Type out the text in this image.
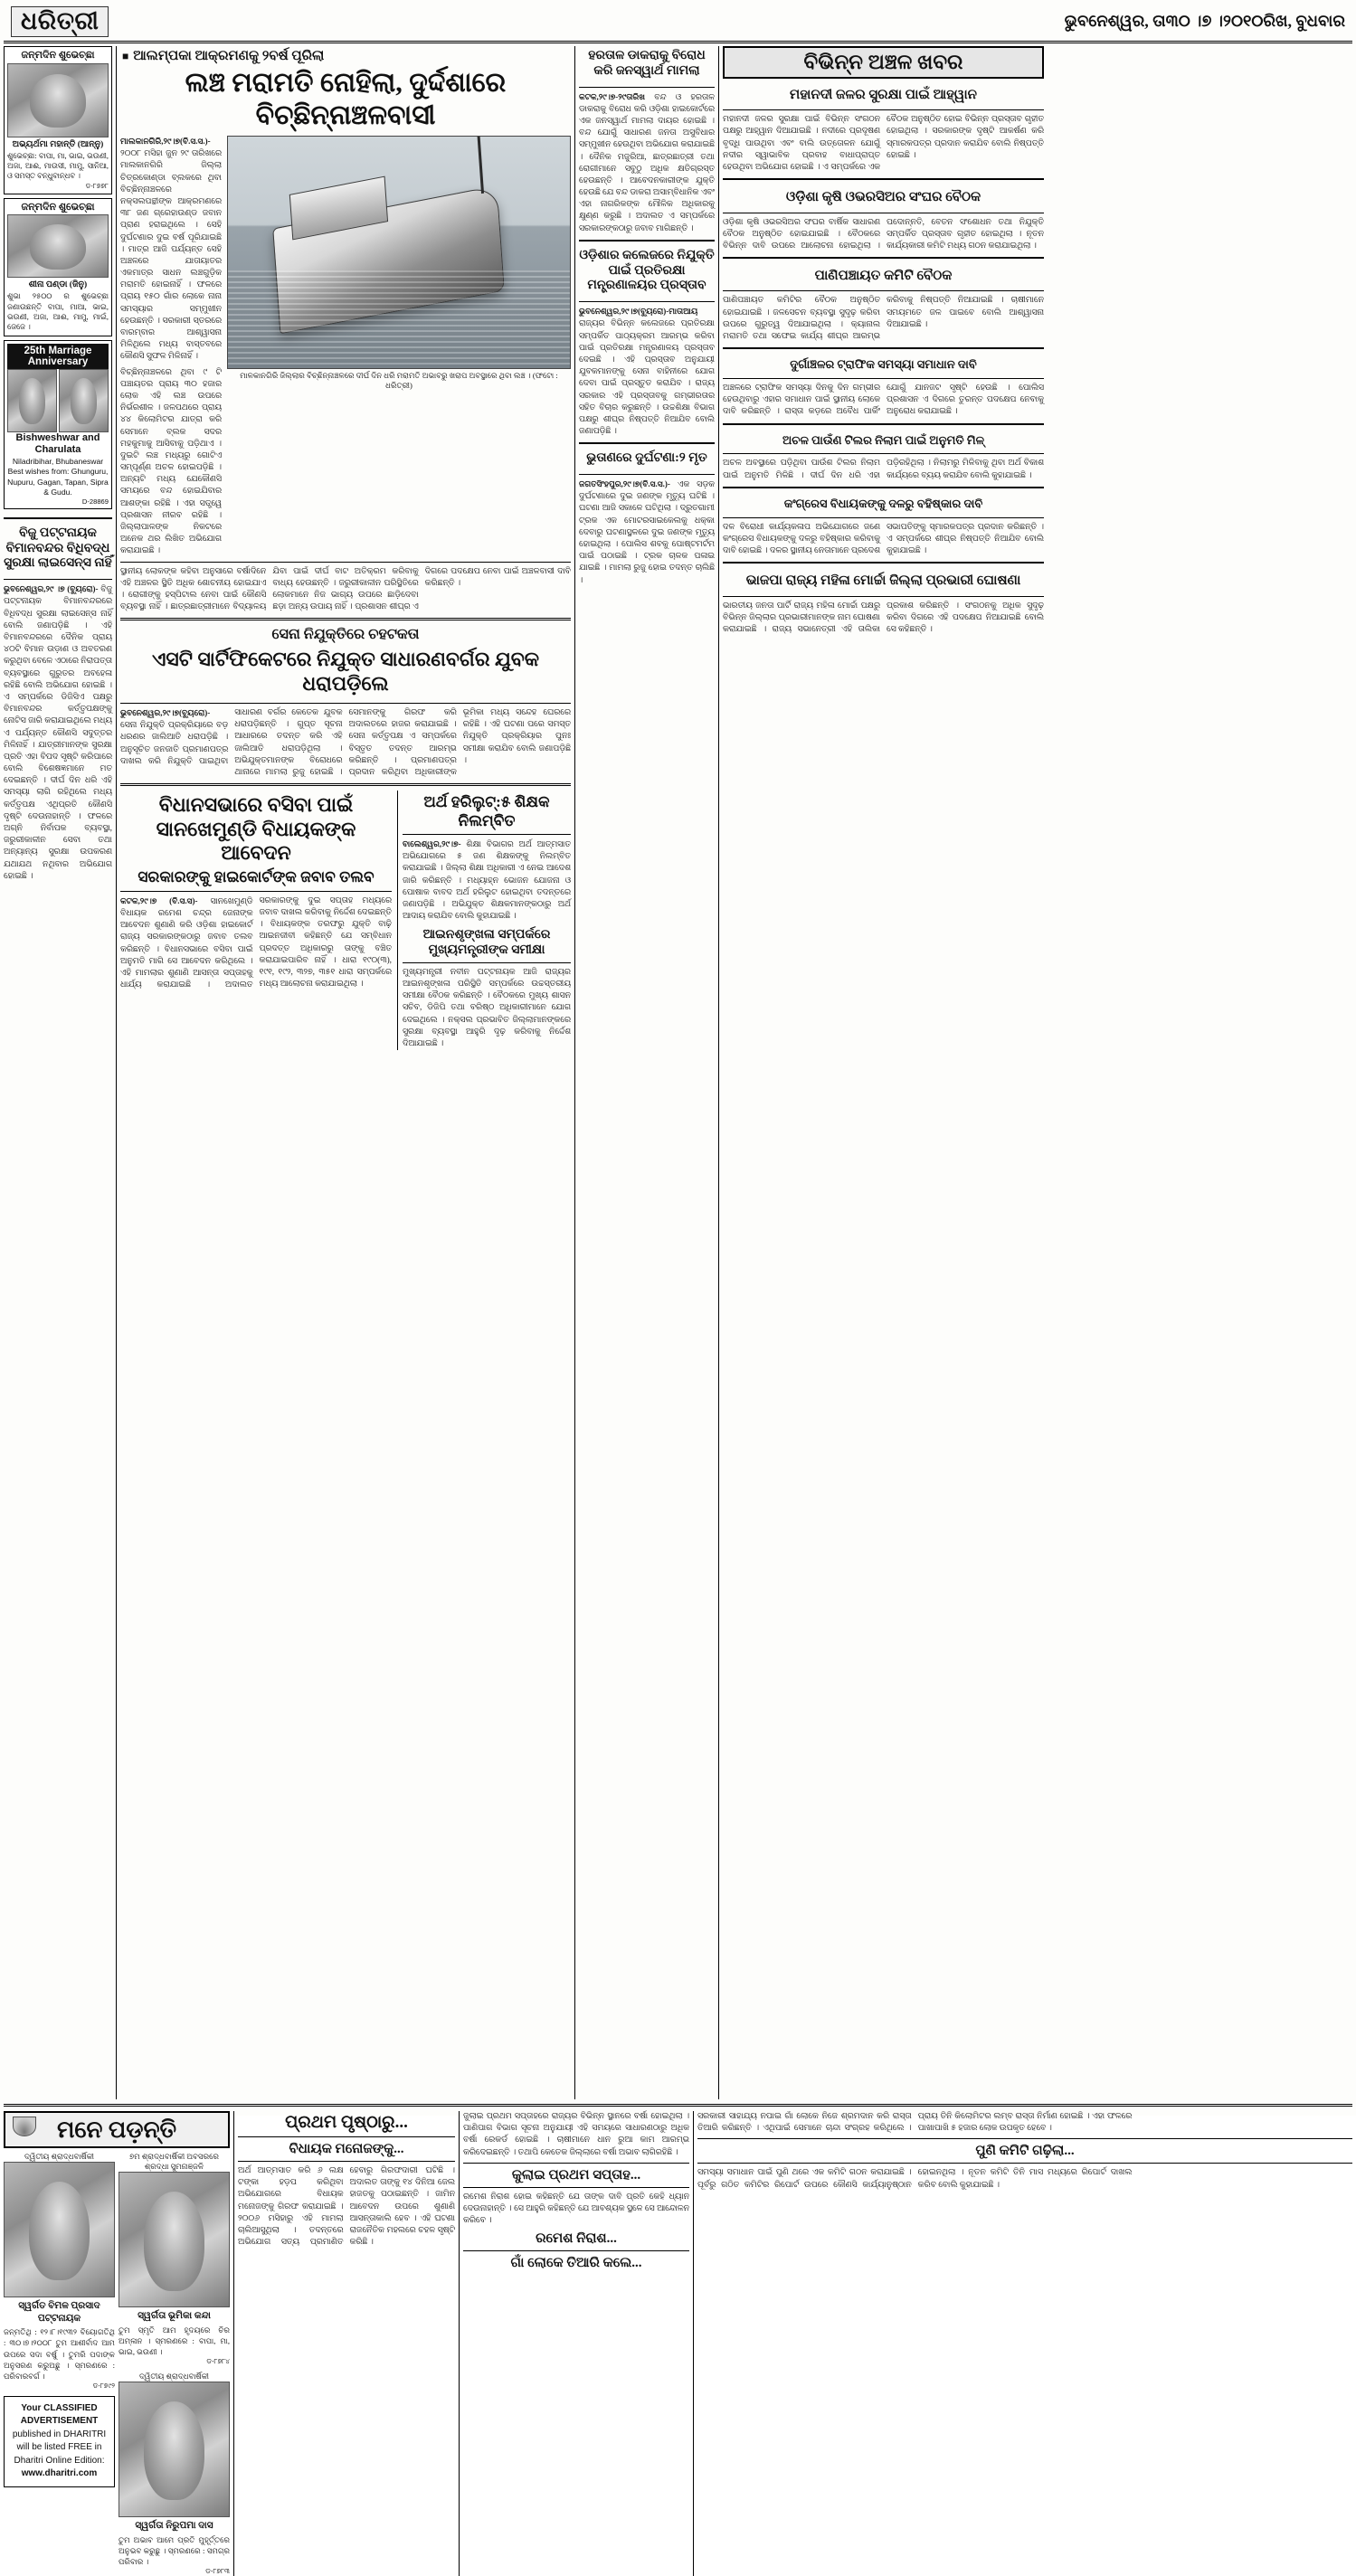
ଧରିତ୍ରୀ	ଭୁବନେଶ୍ୱର, ତା୩୦ ।୭ ।୨୦୧୦ରିଖ, ବୁଧବାର
ଜନ୍ମଦିନ ଶୁଭେଚ୍ଛା
ଅଭ୍ୟର୍ଥମା ମହାନ୍ତି (ଆନ୍ନୁ)
ଶୁଭେଚ୍ଛା: ବାପା, ମା, ଭାଇ, ଭଉଣୀ, ଅଜା, ଆଈ, ମାଉସୀ, ମାମୁ, ସାନିଆ, ଓ ସମସ୍ତ ବନ୍ଧୁବାନ୍ଧବ ।
ଡ-୮୭୭୮
ଜନ୍ମଦିନ ଶୁଭେଚ୍ଛା
ଶୀନା ପଣ୍ଡା (ଜିନୁ)
ଶୁଭା ୨୫୦୦ ର ଶୁଭେଚ୍ଛା ଜଣାଉଛନ୍ତି ବାପା, ମାଆ, ଭାଇ, ଭଉଣୀ, ଅଜା, ଆଈ, ମାମୁ, ମାଇଁ, ଜେଜେ ।
25th Marriage Anniversary
Bishweshwar and Charulata
Niladribihar, Bhubaneswar Best wishes from: Ghunguru, Nupuru, Gagan, Tapan, Sipra & Gudu.
D-28869
ବିଜୁ ପଟ୍ଟନାୟକ ବିମାନବନ୍ଦର ବିଧିବଦ୍ଧ ସୁରକ୍ଷା ଲାଇସେନ୍ସ ନାହିଁ
ଭୁବନେଶ୍ୱର,୨୯ ।୭ (ବ୍ୟୁରୋ)- ବିଜୁ ପଟ୍ଟନାୟକ ବିମାନବନ୍ଦରରେ ବିଧିବଦ୍ଧ ସୁରକ୍ଷା ଲାଇସେନ୍ସ ନାହିଁ ବୋଲି ଜଣାପଡ଼ିଛି । ଏହି ବିମାନବନ୍ଦରରେ ଦୈନିକ ପ୍ରାୟ ୪୦ଟି ବିମାନ ଉଡ଼ାଣ ଓ ଅବତରଣ କରୁଥିବା ବେଳେ ଏଠାରେ ନିରାପତ୍ତା ବ୍ୟବସ୍ଥାରେ ଗୁରୁତର ଅବହେଳା ରହିଛି ବୋଲି ଅଭିଯୋଗ ହୋଇଛି । ଏ ସମ୍ପର୍କରେ ଡିଜିସିଏ ପକ୍ଷରୁ ବିମାନବନ୍ଦର କର୍ତ୍ତୃପକ୍ଷଙ୍କୁ ନୋଟିସ ଜାରି କରାଯାଇଥିଲେ ମଧ୍ୟ ଏ ପର୍ଯ୍ୟନ୍ତ କୌଣସି ସଦୁତ୍ତର ମିଳିନାହିଁ । ଯାତ୍ରୀମାନଙ୍କ ସୁରକ୍ଷା ପ୍ରତି ଏହା ବିପଦ ସୃଷ୍ଟି କରିପାରେ ବୋଲି ବିଶେଷଜ୍ଞମାନେ ମତ ଦେଇଛନ୍ତି । ଦୀର୍ଘ ଦିନ ଧରି ଏହି ସମସ୍ୟା ଲାଗି ରହିଥିଲେ ମଧ୍ୟ କର୍ତ୍ତୃପକ୍ଷ ଏଥିପ୍ରତି କୌଣସି ଦୃଷ୍ଟି ଦେଉନାହାନ୍ତି । ଫଳରେ ଅଗ୍ନି ନିର୍ବାପକ ବ୍ୟବସ୍ଥା, ଜରୁରୀକାଳୀନ ସେବା ତଥା ଅନ୍ୟାନ୍ୟ ସୁରକ୍ଷା ଉପକରଣ ଯଥାଯଥ ନଥିବାର ଅଭିଯୋଗ ହୋଇଛି ।
■ ଆଲମ୍ପକା ଆକ୍ରମଣକୁ ୨ବର୍ଷ ପୂରିଲା
ଲଞ୍ଚ ମରାମତି ନୋହିଲା, ଦୁର୍ଦ୍ଦଶାରେ ବିଚ୍ଛିନ୍ନାଞ୍ଚଳବାସୀ
ମାଲକାନଗିରି,୨୯।୭(ବି.ସ.ସ.)- ୨୦୦୮ ମସିହା ଜୁନ ୨୯ ତାରିଖରେ ମାଲକାନଗିରି ଜିଲ୍ଲା ଚିତ୍ରକୋଣ୍ଡା ବ୍ଲକରେ ଥିବା ବିଚ୍ଛିନ୍ନାଞ୍ଚଳରେ ନକ୍ସଲପନ୍ଥୀଙ୍କ ଆକ୍ରମଣରେ ୩୮ ଜଣ ଗ୍ରେହାଉଣ୍ଡ ଜବାନ ପ୍ରାଣ ହରାଇଥିଲେ । ସେହି ଦୁର୍ଘଟଣାର ଦୁଇ ବର୍ଷ ପୂରିଯାଇଛି । ମାତ୍ର ଆଜି ପର୍ଯ୍ୟନ୍ତ ସେହି ଅଞ୍ଚଳରେ ଯାତାୟାତର ଏକମାତ୍ର ସାଧନ ଲଞ୍ଚଗୁଡ଼ିକ ମରାମତି ହୋଇନାହିଁ । ଫଳରେ ପ୍ରାୟ ୧୫୦ ଗାଁର ଲୋକେ ନାନା ସମସ୍ୟାର ସମ୍ମୁଖୀନ ହେଉଛନ୍ତି । ସରକାରୀ ସ୍ତରରେ ବାରମ୍ବାର ଆଶ୍ୱାସନା ମିଳିଥିଲେ ମଧ୍ୟ ବାସ୍ତବରେ କୌଣସି ସୁଫଳ ମିଳିନାହିଁ ।
ବିଚ୍ଛିନ୍ନାଞ୍ଚଳରେ ଥିବା ୯ ଟି ପଞ୍ଚାୟତର ପ୍ରାୟ ୩୦ ହଜାର ଲୋକ ଏହି ଲଞ୍ଚ ଉପରେ ନିର୍ଭରଶୀଳ । ଜଳପଥରେ ପ୍ରାୟ ୪୪ କିଲୋମିଟର ଯାତ୍ରା କରି ସେମାନେ ବ୍ଲକ ସଦର ମହକୁମାକୁ ଆସିବାକୁ ପଡ଼ିଥାଏ । ଦୁଇଟି ଲଞ୍ଚ ମଧ୍ୟରୁ ଗୋଟିଏ ସମ୍ପୂର୍ଣ୍ଣ ଅଚଳ ହୋଇପଡ଼ିଛି । ଅନ୍ୟଟି ମଧ୍ୟ ଯେକୌଣସି ସମୟରେ ବନ୍ଦ ହୋଇଯିବାର ଆଶଙ୍କା ରହିଛି । ଏହା ସତ୍ତ୍ୱେ ପ୍ରଶାସନ ନୀରବ ରହିଛି । ଜିଲ୍ଲାପାଳଙ୍କ ନିକଟରେ ଅନେକ ଥର ଲିଖିତ ଅଭିଯୋଗ କରାଯାଇଛି ।
ମାଳକାନଗିରି ଜିଲ୍ଲାର ବିଚ୍ଛିନ୍ନାଞ୍ଚଳରେ ଦୀର୍ଘ ଦିନ ଧରି ମରାମତି ଅଭାବରୁ ଖରାପ ଅବସ୍ଥାରେ ଥିବା ଲଞ୍ଚ । (ଫଟୋ : ଧରିତ୍ରୀ)
ସ୍ଥାନୀୟ ଲୋକଙ୍କ କହିବା ଅନୁସାରେ ବର୍ଷାଦିନେ ଏହି ଅଞ୍ଚଳର ସ୍ଥିତି ଅଧିକ ଶୋଚନୀୟ ହୋଇଯାଏ । ରୋଗୀଙ୍କୁ ହସ୍ପିଟାଲ ନେବା ପାଇଁ କୌଣସି ବ୍ୟବସ୍ଥା ନାହିଁ । ଛାତ୍ରଛାତ୍ରୀମାନେ ବିଦ୍ୟାଳୟ ଯିବା ପାଇଁ ଦୀର୍ଘ ବାଟ ଅତିକ୍ରମ କରିବାକୁ ବାଧ୍ୟ ହେଉଛନ୍ତି । ଜରୁରୀକାଳୀନ ପରିସ୍ଥିତିରେ ଲୋକମାନେ ନିଜ ଭାଗ୍ୟ ଉପରେ ଛାଡ଼ିଦେବା ଛଡ଼ା ଅନ୍ୟ ଉପାୟ ନାହିଁ । ପ୍ରଶାସନ ଶୀଘ୍ର ଏ ଦିଗରେ ପଦକ୍ଷେପ ନେବା ପାଇଁ ଅଞ୍ଚଳବାସୀ ଦାବି କରିଛନ୍ତି ।
ସେନା ନିଯୁକ୍ତିରେ ଚହଟକତା
ଏସଟି ସାର୍ଟିଫିକେଟରେ ନିଯୁକ୍ତ ସାଧାରଣବର୍ଗର ଯୁବକ ଧରାପଡ଼ିଲେ
ଭୁବନେଶ୍ୱର,୨୯।୭(ବ୍ୟୁରୋ)- ସେନା ନିଯୁକ୍ତି ପ୍ରକ୍ରିୟାରେ ବଡ଼ ଧରଣର ଜାଲିଆତି ଧରାପଡ଼ିଛି । ଅନୁସୂଚିତ ଜନଜାତି ପ୍ରମାଣପତ୍ର ଦାଖଲ କରି ନିଯୁକ୍ତି ପାଇଥିବା ସାଧାରଣ ବର୍ଗର କେତେକ ଯୁବକ ଧରାପଡ଼ିଛନ୍ତି । ଗୁପ୍ତ ସୂଚନା ଆଧାରରେ ତଦନ୍ତ କରି ଏହି ଜାଲିଆତି ଧରାପଡ଼ିଥିଲା । ଅଭିଯୁକ୍ତମାନଙ୍କ ବିରୋଧରେ ଥାନାରେ ମାମଲା ରୁଜୁ ହୋଇଛି । ସେମାନଙ୍କୁ ଗିରଫ କରି ଅଦାଲତରେ ହାଜର କରାଯାଇଛି । ସେନା କର୍ତ୍ତୃପକ୍ଷ ଏ ସମ୍ପର୍କରେ ବିସ୍ତୃତ ତଦନ୍ତ ଆରମ୍ଭ କରିଛନ୍ତି । ପ୍ରମାଣପତ୍ର ପ୍ରଦାନ କରିଥିବା ଅଧିକାରୀଙ୍କ ଭୂମିକା ମଧ୍ୟ ସନ୍ଦେହ ଘେରରେ ରହିଛି । ଏହି ଘଟଣା ପରେ ସମସ୍ତ ନିଯୁକ୍ତି ପ୍ରକ୍ରିୟାର ପୁନଃ ସମୀକ୍ଷା କରାଯିବ ବୋଲି ଜଣାପଡ଼ିଛି ।
ବିଧାନସଭାରେ ବସିବା ପାଇଁ ସାନଖେମୁଣ୍ଡି ବିଧାୟକଙ୍କ ଆବେଦନ
ସରକାରଙ୍କୁ ହାଇକୋର୍ଟଙ୍କ ଜବାବ ତଲବ
କଟକ,୨୯।୭ (ବି.ସ.ସ)- ସାନଖେମୁଣ୍ଡି ବିଧାୟକ ରମେଶ ଚନ୍ଦ୍ର ଜେନାଙ୍କ ଆବେଦନ ଶୁଣାଣି କରି ଓଡ଼ିଶା ହାଇକୋର୍ଟ ରାଜ୍ୟ ସରକାରଙ୍କଠାରୁ ଜବାବ ତଲବ କରିଛନ୍ତି । ବିଧାନସଭାରେ ବସିବା ପାଇଁ ଅନୁମତି ମାଗି ସେ ଆବେଦନ କରିଥିଲେ । ଏହି ମାମଲାର ଶୁଣାଣି ଆସନ୍ତା ସପ୍ତାହକୁ ଧାର୍ଯ୍ୟ କରାଯାଇଛି । ଅଦାଲତ ସରକାରଙ୍କୁ ଦୁଇ ସପ୍ତାହ ମଧ୍ୟରେ ଜବାବ ଦାଖଲ କରିବାକୁ ନିର୍ଦ୍ଦେଶ ଦେଇଛନ୍ତି । ବିଧାୟକଙ୍କ ତରଫରୁ ଯୁକ୍ତି ବାଢ଼ି ଆଇନଜୀବୀ କହିଛନ୍ତି ଯେ ସମ୍ବିଧାନ ପ୍ରଦତ୍ତ ଅଧିକାରରୁ ତାଙ୍କୁ ବଞ୍ଚିତ କରାଯାଇପାରିବ ନାହିଁ । ଧାରା ୧୯୦(୩), ୧୯୧, ୧୯୨, ୩୨୭, ୩୫୧ ଧାରା ସମ୍ପର୍କରେ ମଧ୍ୟ ଆଲୋଚନା କରାଯାଇଥିଲା ।
ଅର୍ଥ ହରିଲୁଟ୍‌:୫ ଶିକ୍ଷକ ନିଲମ୍ବିତ
ବାଲେଶ୍ୱର,୨୯।୭- ଶିକ୍ଷା ବିଭାଗର ଅର୍ଥ ଆତ୍ମସାତ ଅଭିଯୋଗରେ ୫ ଜଣ ଶିକ୍ଷକଙ୍କୁ ନିଲମ୍ବିତ କରାଯାଇଛି । ଜିଲ୍ଲା ଶିକ୍ଷା ଅଧିକାରୀ ଏ ନେଇ ଆଦେଶ ଜାରି କରିଛନ୍ତି । ମଧ୍ୟାହ୍ନ ଭୋଜନ ଯୋଜନା ଓ ପୋଷାକ ବାବଦ ଅର୍ଥ ହରିଲୁଟ ହୋଇଥିବା ତଦନ୍ତରେ ଜଣାପଡ଼ିଛି । ଅଭିଯୁକ୍ତ ଶିକ୍ଷକମାନଙ୍କଠାରୁ ଅର୍ଥ ଆଦାୟ କରାଯିବ ବୋଲି କୁହାଯାଇଛି ।
ଆଇନଶୃଙ୍ଖଳା ସମ୍ପର୍କରେ ମୁଖ୍ୟମନ୍ତ୍ରୀଙ୍କ ସମୀକ୍ଷା
ମୁଖ୍ୟମନ୍ତ୍ରୀ ନବୀନ ପଟ୍ଟନାୟକ ଆଜି ରାଜ୍ୟର ଆଇନଶୃଙ୍ଖଳା ପରିସ୍ଥିତି ସମ୍ପର୍କରେ ଉଚ୍ଚସ୍ତରୀୟ ସମୀକ୍ଷା ବୈଠକ କରିଛନ୍ତି । ବୈଠକରେ ମୁଖ୍ୟ ଶାସନ ସଚିବ, ଡିଜିପି ତଥା ବରିଷ୍ଠ ଅଧିକାରୀମାନେ ଯୋଗ ଦେଇଥିଲେ । ନକ୍ସଲ ପ୍ରଭାବିତ ଜିଲ୍ଲାମାନଙ୍କରେ ସୁରକ୍ଷା ବ୍ୟବସ୍ଥା ଆହୁରି ଦୃଢ଼ କରିବାକୁ ନିର୍ଦ୍ଦେଶ ଦିଆଯାଇଛି ।
ହରତାଳ ଡାକରାକୁ ବିରୋଧ କରି ଜନସ୍ୱାର୍ଥ ମାମଲା
କଟକ,୨୯।୭-୨୯ତାରିଖ ବନ୍ଦ ଓ ହରତାଳ ଡାକରାକୁ ବିରୋଧ କରି ଓଡ଼ିଶା ହାଇକୋର୍ଟରେ ଏକ ଜନସ୍ୱାର୍ଥ ମାମଲା ଦାୟର ହୋଇଛି । ବନ୍ଦ ଯୋଗୁଁ ସାଧାରଣ ଜନତା ଅସୁବିଧାର ସମ୍ମୁଖୀନ ହେଉଥିବା ଅଭିଯୋଗ କରାଯାଇଛି । ଦୈନିକ ମଜୁରିଆ, ଛାତ୍ରଛାତ୍ରୀ ତଥା ରୋଗୀମାନେ ସବୁଠୁ ଅଧିକ କ୍ଷତିଗ୍ରସ୍ତ ହେଉଛନ୍ତି । ଆବେଦନକାରୀଙ୍କ ଯୁକ୍ତି ହେଉଛି ଯେ ବନ୍ଦ ଡାକରା ଅସାମ୍ବିଧାନିକ ଏବଂ ଏହା ନାଗରିକଙ୍କ ମୌଳିକ ଅଧିକାରକୁ କ୍ଷୁଣ୍ଣ କରୁଛି । ଅଦାଲତ ଏ ସମ୍ପର୍କରେ ସରକାରଙ୍କଠାରୁ ଜବାବ ମାଗିଛନ୍ତି ।
ଓଡ଼ିଶାର କଲେଜରେ ନିଯୁକ୍ତି ପାଇଁ ପ୍ରତିରକ୍ଷା ମନ୍ତ୍ରଣାଳୟର ପ୍ରସ୍ତାବ
ଭୁବନେଶ୍ୱର,୨୯।୭(ବ୍ୟୁରୋ)-ମାତାଆୟ ରାଜ୍ୟର ବିଭିନ୍ନ କଲେଜରେ ପ୍ରତିରକ୍ଷା ସମ୍ପର୍କିତ ପାଠ୍ୟକ୍ରମ ଆରମ୍ଭ କରିବା ପାଇଁ ପ୍ରତିରକ୍ଷା ମନ୍ତ୍ରଣାଳୟ ପ୍ରସ୍ତାବ ଦେଇଛି । ଏହି ପ୍ରସ୍ତାବ ଅନୁଯାୟୀ ଯୁବକମାନଙ୍କୁ ସେନା ବାହିନୀରେ ଯୋଗ ଦେବା ପାଇଁ ପ୍ରସ୍ତୁତ କରାଯିବ । ରାଜ୍ୟ ସରକାର ଏହି ପ୍ରସ୍ତାବକୁ ଗମ୍ଭୀରତାର ସହିତ ବିଚାର କରୁଛନ୍ତି । ଉଚ୍ଚଶିକ୍ଷା ବିଭାଗ ପକ୍ଷରୁ ଶୀଘ୍ର ନିଷ୍ପତ୍ତି ନିଆଯିବ ବୋଲି ଜଣାପଡ଼ିଛି ।
ଭୁତାଣରେ ଦୁର୍ଘଟଣା:୨ ମୃତ
ଜଗତସିଂହପୁର,୨୯।୭(ବି.ସ.ସ.)- ଏକ ସଡ଼କ ଦୁର୍ଘଟଣାରେ ଦୁଇ ଜଣଙ୍କ ମୃତ୍ୟୁ ଘଟିଛି । ଘଟଣା ଆଜି ସକାଳେ ଘଟିଥିଲା । ଦ୍ରୁତଗାମୀ ଟ୍ରକ ଏକ ମୋଟରସାଇକେଲକୁ ଧକ୍କା ଦେବାରୁ ଘଟଣାସ୍ଥଳରେ ଦୁଇ ଜଣଙ୍କ ମୃତ୍ୟୁ ହୋଇଥିଲା । ପୋଲିସ ଶବକୁ ପୋଷ୍ଟମର୍ଟମ ପାଇଁ ପଠାଇଛି । ଟ୍ରକ ଚାଳକ ପଳାଇ ଯାଇଛି । ମାମଲା ରୁଜୁ ହୋଇ ତଦନ୍ତ ଚାଲିଛି ।
ବିଭିନ୍ନ ଅଞ୍ଚଳ ଖବର
ମହାନଦୀ ଜଳର ସୁରକ୍ଷା ପାଇଁ ଆହ୍ୱାନ
ମହାନଦୀ ଜଳର ସୁରକ୍ଷା ପାଇଁ ବିଭିନ୍ନ ସଂଗଠନ ପକ୍ଷରୁ ଆହ୍ୱାନ ଦିଆଯାଇଛି । ନଦୀରେ ପ୍ରଦୂଷଣ ବୃଦ୍ଧି ପାଉଥିବା ଏବଂ ବାଲି ଉତ୍ତୋଳନ ଯୋଗୁଁ ନଦୀର ସ୍ୱାଭାବିକ ପ୍ରବାହ ବାଧାପ୍ରାପ୍ତ ହେଉଥିବା ଅଭିଯୋଗ ହୋଇଛି । ଏ ସମ୍ପର୍କରେ ଏକ ବୈଠକ ଅନୁଷ୍ଠିତ ହୋଇ ବିଭିନ୍ନ ପ୍ରସ୍ତାବ ଗୃହୀତ ହୋଇଥିଲା । ସରକାରଙ୍କ ଦୃଷ୍ଟି ଆକର୍ଷଣ କରି ସ୍ମାରକପତ୍ର ପ୍ରଦାନ କରାଯିବ ବୋଲି ନିଷ୍ପତ୍ତି ହୋଇଛି ।
ଓଡ଼ିଶା କୃଷି ଓଭରସିଅର ସଂଘର ବୈଠକ
ଓଡ଼ିଶା କୃଷି ଓଭରସିଅର ସଂଘର ବାର୍ଷିକ ସାଧାରଣ ବୈଠକ ଅନୁଷ୍ଠିତ ହୋଇଯାଇଛି । ବୈଠକରେ ବିଭିନ୍ନ ଦାବି ଉପରେ ଆଲୋଚନା ହୋଇଥିଲା । ପଦୋନ୍ନତି, ବେତନ ସଂଶୋଧନ ତଥା ନିଯୁକ୍ତି ସମ୍ପର୍କିତ ପ୍ରସ୍ତାବ ଗୃହୀତ ହୋଇଥିଲା । ନୂତନ କାର୍ଯ୍ୟକାରୀ କମିଟି ମଧ୍ୟ ଗଠନ କରାଯାଇଥିଲା ।
ପାଣିପଞ୍ଚାୟତ କମିଟି ବୈଠକ
ପାଣିପଞ୍ଚାୟତ କମିଟିର ବୈଠକ ଅନୁଷ୍ଠିତ ହୋଇଯାଇଛି । ଜଳସେଚନ ବ୍ୟବସ୍ଥା ସୁଦୃଢ଼ କରିବା ଉପରେ ଗୁରୁତ୍ୱ ଦିଆଯାଇଥିଲା । କ୍ୟାନାଲ ମରାମତି ତଥା ସଫେଇ କାର୍ଯ୍ୟ ଶୀଘ୍ର ଆରମ୍ଭ କରିବାକୁ ନିଷ୍ପତ୍ତି ନିଆଯାଇଛି । ଚାଷୀମାନେ ସମୟମତେ ଜଳ ପାଇବେ ବୋଲି ଆଶ୍ୱାସନା ଦିଆଯାଇଛି ।
ଦୁର୍ଗାଞ୍ଚଳର ଟ୍ରାଫିକ ସମସ୍ୟା ସମାଧାନ ଦାବି
ଅଞ୍ଚଳରେ ଟ୍ରାଫିକ ସମସ୍ୟା ଦିନକୁ ଦିନ ଗମ୍ଭୀର ହେଉଥିବାରୁ ଏହାର ସମାଧାନ ପାଇଁ ସ୍ଥାନୀୟ ଲୋକେ ଦାବି କରିଛନ୍ତି । ରାସ୍ତା କଡ଼ରେ ଅବୈଧ ପାର୍କିଂ ଯୋଗୁଁ ଯାନଜଟ ସୃଷ୍ଟି ହେଉଛି । ପୋଲିସ ପ୍ରଶାସନ ଏ ଦିଗରେ ତୁରନ୍ତ ପଦକ୍ଷେପ ନେବାକୁ ଅନୁରୋଧ କରାଯାଇଛି ।
ଅଚଳ ପାଉଁଣ ଟିଲର ନିଲାମ ପାଇଁ ଅନୁମତି ମିଳ୍
ଅଚଳ ଅବସ୍ଥାରେ ପଡ଼ିଥିବା ପାଉଁଶ ଟିଲର ନିଲାମ ପାଇଁ ଅନୁମତି ମିଳିଛି । ଦୀର୍ଘ ଦିନ ଧରି ଏହା ପଡ଼ିରହିଥିଲା । ନିଲାମରୁ ମିଳିବାକୁ ଥିବା ଅର୍ଥ ବିକାଶ କାର୍ଯ୍ୟରେ ବ୍ୟୟ କରାଯିବ ବୋଲି କୁହାଯାଇଛି ।
କଂଗ୍ରେସ ବିଧାୟକଙ୍କୁ ଦଳରୁ ବହିଷ୍କାର ଦାବି
ଦଳ ବିରୋଧୀ କାର୍ଯ୍ୟକଳାପ ଅଭିଯୋଗରେ ଜଣେ କଂଗ୍ରେସ ବିଧାୟକଙ୍କୁ ଦଳରୁ ବହିଷ୍କାର କରିବାକୁ ଦାବି ହୋଇଛି । ଦଳର ସ୍ଥାନୀୟ ନେତାମାନେ ପ୍ରଦେଶ ସଭାପତିଙ୍କୁ ସ୍ମାରକପତ୍ର ପ୍ରଦାନ କରିଛନ୍ତି । ଏ ସମ୍ପର୍କରେ ଶୀଘ୍ର ନିଷ୍ପତ୍ତି ନିଆଯିବ ବୋଲି କୁହାଯାଇଛି ।
ଭାଜପା ରାଜ୍ୟ ମହିଳା ମୋର୍ଚ୍ଚା ଜିଲ୍ଲା ପ୍ରଭାରୀ ଘୋଷଣା
ଭାରତୀୟ ଜନତା ପାର୍ଟି ରାଜ୍ୟ ମହିଳା ମୋର୍ଚ୍ଚା ପକ୍ଷରୁ ବିଭିନ୍ନ ଜିଲ୍ଲାର ପ୍ରଭାରୀମାନଙ୍କ ନାମ ଘୋଷଣା କରାଯାଇଛି । ରାଜ୍ୟ ସଭାନେତ୍ରୀ ଏହି ତାଲିକା ପ୍ରକାଶ କରିଛନ୍ତି । ସଂଗଠନକୁ ଅଧିକ ସୁଦୃଢ଼ କରିବା ଦିଗରେ ଏହି ପଦକ୍ଷେପ ନିଆଯାଇଛି ବୋଲି ସେ କହିଛନ୍ତି ।
ମନେ ପଡ଼ନ୍ତି
ଦ୍ୱିତୀୟ ଶ୍ରାଦ୍ଧବାର୍ଷିକୀ
ସ୍ୱର୍ଗତ ବିମଳ ପ୍ରସାଦ ପଟ୍ଟନାୟକ
ଜନ୍ମତିଥି : ୧୨।୮।୧୯୩୨ ବିୟୋଗତିଥି : ୩୦।୭।୨୦୦୮ ତୁମ ଆଶୀର୍ବାଦ ଆମ ଉପରେ ସଦା ବର୍ଷୁ । ତୁମରି ପଦାଙ୍କ ଅନୁସରଣ କରୁଅଛୁ । ସ୍ମରଣରେ : ପରିବାରବର୍ଗ ।
ଡ-୮୭୯୨
Your CLASSIFIED ADVERTISEMENT
published in DHARITRI will be listed FREE in Dharitri Online Edition:
www.dharitri.com
୭ମ ଶ୍ରାଦ୍ଧବାର୍ଷିକୀ ଅବସରରେ ଶ୍ରଦ୍ଧା ସୁମନାଞ୍ଜଳି
ସ୍ୱର୍ଗତା ଭୂମିକା କନ୍ଦା
ତୁମ ସ୍ମୃତି ଆମ ହୃଦୟରେ ଚିର ଅମ୍ଳାନ । ସ୍ମରଣରେ : ବାପା, ମା, ଭାଇ, ଭଉଣୀ ।
ଡ-୮୭୮୪
ଦ୍ୱିତୀୟ ଶ୍ରାଦ୍ଧବାର୍ଷିକୀ
ସ୍ୱର୍ଗତା ନିରୁପମା ଦାସ
ତୁମ ଅଭାବ ଆମେ ପ୍ରତି ମୁହୂର୍ତ୍ତରେ ଅନୁଭବ କରୁଛୁ । ସ୍ମରଣରେ : ସମଗ୍ର ପରିବାର ।
ଡ-୮୭୮୩
ପ୍ରଥମ ପୃଷ୍ଠାରୁ...
ବିଧାୟକ ମନୋଜଙ୍କୁ...
ଅର୍ଥ ଆତ୍ମସାତ କରି ୬ ଲକ୍ଷ ଟଙ୍କା ହଡ଼ପ କରିଥିବା ଅଭିଯୋଗରେ ବିଧାୟକ ମନୋଜଙ୍କୁ ଗିରଫ କରାଯାଇଛି । ୨୦୦୬ ମସିହାରୁ ଏହି ମାମଲା ଚାଲିଆସୁଥିଲା । ତଦନ୍ତରେ ଅଭିଯୋଗ ସତ୍ୟ ପ୍ରମାଣିତ ହେବାରୁ ଗିରଫଦାରୀ ଘଟିଛି । ଅଦାଲତ ତାଙ୍କୁ ୧୪ ଦିନିଆ ଜେଲ ହାଜତକୁ ପଠାଇଛନ୍ତି । ଜାମିନ ଆବେଦନ ଉପରେ ଶୁଣାଣି ଆସନ୍ତାକାଲି ହେବ । ଏହି ଘଟଣା ରାଜନୈତିକ ମହଲରେ ଚହଳ ସୃଷ୍ଟି କରିଛି ।
ଜୁଲାଇ ପ୍ରଥମ ସପ୍ତାହରେ ରାଜ୍ୟର ବିଭିନ୍ନ ସ୍ଥାନରେ ବର୍ଷା ହୋଇଥିଲା । ପାଣିପାଗ ବିଭାଗ ସୂଚନା ଅନୁଯାୟୀ ଏହି ସମୟରେ ସାଧାରଣଠାରୁ ଅଧିକ ବର୍ଷା ରେକର୍ଡ ହୋଇଛି । ଚାଷୀମାନେ ଧାନ ରୁଆ କାମ ଆରମ୍ଭ କରିଦେଇଛନ୍ତି । ତଥାପି କେତେକ ଜିଲ୍ଲାରେ ବର୍ଷା ଅଭାବ ଲାଗିରହିଛି ।
କୁଲାଇ ପ୍ରଥମ ସପ୍ତାହ...
ରମେଶ ନିରାଶ ହୋଇ କହିଛନ୍ତି ଯେ ତାଙ୍କ ଦାବି ପ୍ରତି କେହି ଧ୍ୟାନ ଦେଉନାହାନ୍ତି । ସେ ଆହୁରି କହିଛନ୍ତି ଯେ ଆବଶ୍ୟକ ସ୍ଥଳେ ସେ ଆନ୍ଦୋଳନ କରିବେ ।
ରମେଶ ନିରାଶ...
ଗାଁ ଲୋକେ ତିଆରି କଲେ...
ସରକାରୀ ସାହାଯ୍ୟ ନପାଇ ଗାଁ ଲୋକେ ନିଜେ ଶ୍ରମଦାନ କରି ରାସ୍ତା ତିଆରି କରିଛନ୍ତି । ଏଥିପାଇଁ ସେମାନେ ଚାନ୍ଦା ସଂଗ୍ରହ କରିଥିଲେ । ପ୍ରାୟ ତିନି କିଲୋମିଟର ଲମ୍ବ ରାସ୍ତା ନିର୍ମାଣ ହୋଇଛି । ଏହା ଫଳରେ ପାଖାପାଖି ୫ ହଜାର ଲୋକ ଉପକୃତ ହେବେ ।
ପୁଣି କମିଟି ଗଢ଼ିଲା...
ସମସ୍ୟା ସମାଧାନ ପାଇଁ ପୁଣି ଥରେ ଏକ କମିଟି ଗଠନ କରାଯାଇଛି । ପୂର୍ବରୁ ଗଠିତ କମିଟିର ରିପୋର୍ଟ ଉପରେ କୌଣସି କାର୍ଯ୍ୟାନୁଷ୍ଠାନ ହୋଇନଥିଲା । ନୂତନ କମିଟି ତିନି ମାସ ମଧ୍ୟରେ ରିପୋର୍ଟ ଦାଖଲ କରିବ ବୋଲି କୁହାଯାଇଛି ।
